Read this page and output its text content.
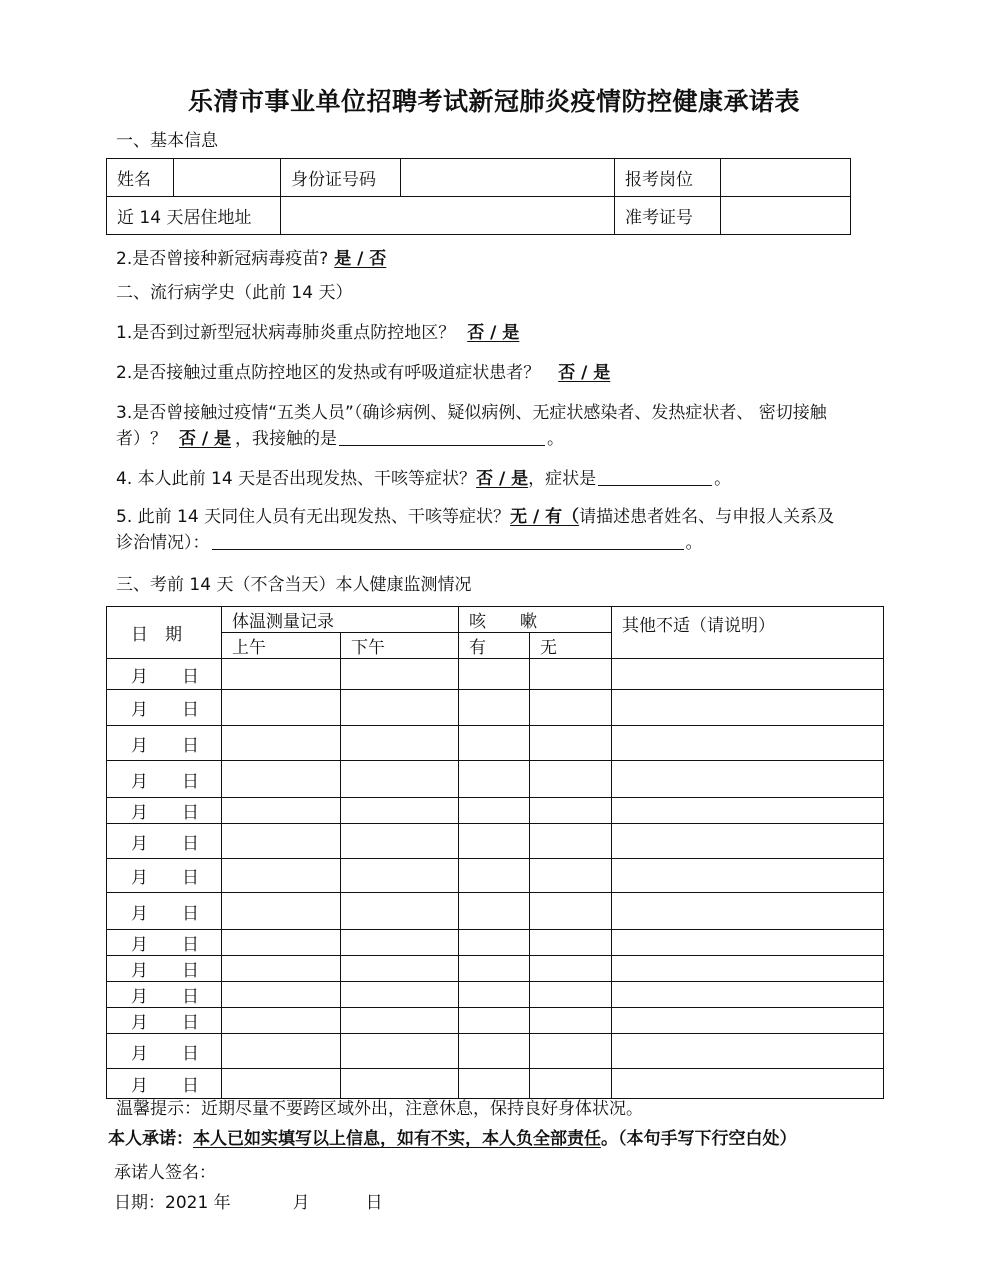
乐清市事业单位招聘考试新冠肺炎疫情防控健康承诺表
一、基本信息
姓名		身份证号码		报考岗位	
近 14 天居住地址				准考证号	
2.是否曾接种新冠病毒疫苗? 是 / 否
二、流行病学史（此前 14 天）
1.是否到过新型冠状病毒肺炎重点防控地区？ 否 / 是
2.是否接触过重点防控地区的发热或有呼吸道症状患者？ 否 / 是
3.是否曾接触过疫情“五类人员”（确诊病例、疑似病例、无症状感染者、发热症状者、 密切接触
者）？ 否 / 是 ，我接触的是	。
4. 本人此前 14 天是否出现发热、干咳等症状？否 / 是，症状是	。
5. 此前 14 天同住人员有无出现发热、干咳等症状？无 / 有（请描述患者姓名、与申报人关系及
诊治情况）：	。
三、考前 14 天（不含当天）本人健康监测情况
日　期	体温测量记录		咳　　嗽		其他不适（请说明）
	上午	下午	有	无	

月 日					

月 日					

月 日					

月 日					

月 日					

月 日					

月 日					

月 日					

月 日					

月 日					

月 日					

月 日					

月 日					

月 日					

温馨提示：近期尽量不要跨区域外出，注意休息，保持良好身体状况。
本人承诺：本人已如实填写以上信息，如有不实，本人负全部责任。（本句手写下行空白处）
承诺人签名：
日期：2021 年	月	日
